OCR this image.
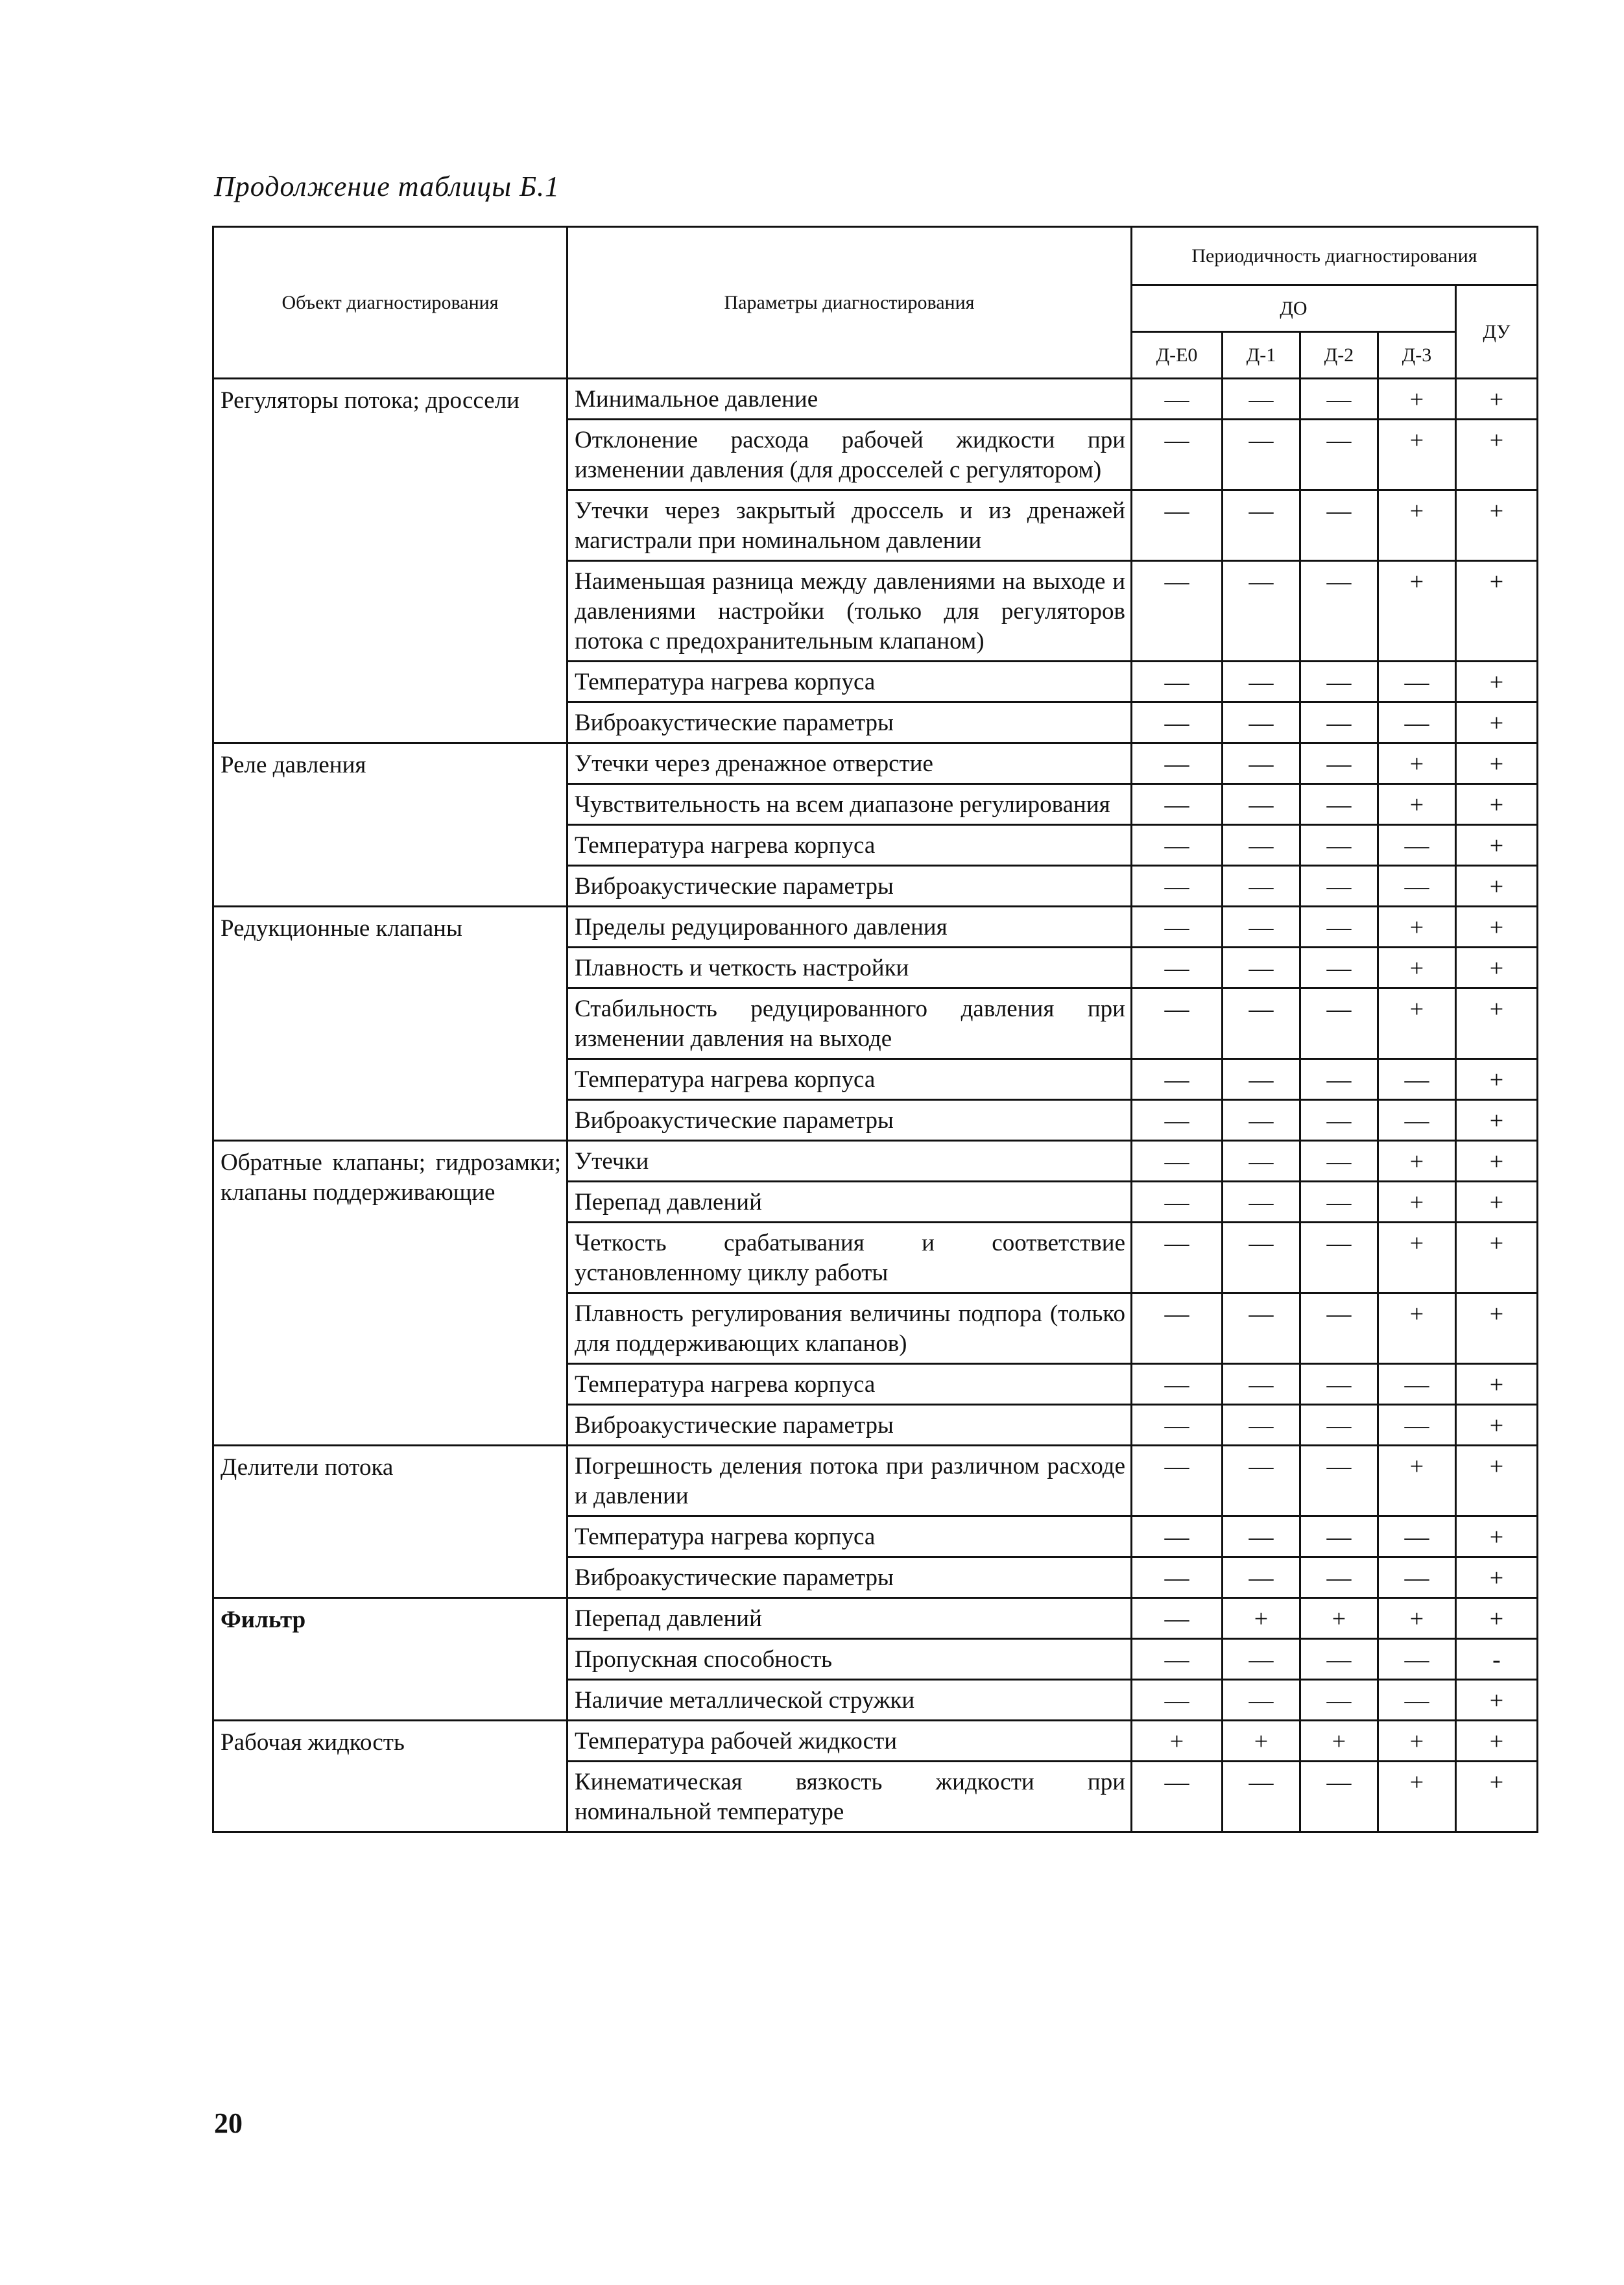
Продолжение таблицы Б.1
Объект диагностирования	Параметры диагностирования	Периодичность диагностирования				
		ДО				ДУ
		Д-Е0	Д-1	Д-2	Д-3	
Регуляторы потока; дроссели	Минимальное давление	—	—	—	+	+
	Отклонение расхода рабочей жидкости при изменении давления (для дросселей с регулятором)	—	—	—	+	+
	Утечки через закрытый дроссель и из дренажей магистрали при номинальном давлении	—	—	—	+	+
	Наименьшая разница между давлениями на выходе и давлениями настройки (только для регуляторов потока с предохранительным клапаном)	—	—	—	+	+
	Температура нагрева корпуса	—	—	—	—	+
	Виброакустические параметры	—	—	—	—	+
Реле давления	Утечки через дренажное отверстие	—	—	—	+	+
	Чувствительность на всем диапазоне регулирования	—	—	—	+	+
	Температура нагрева корпуса	—	—	—	—	+
	Виброакустические параметры	—	—	—	—	+
Редукционные клапаны	Пределы редуцированного давления	—	—	—	+	+
	Плавность и четкость настройки	—	—	—	+	+
	Стабильность редуцированного давления при изменении давления на выходе	—	—	—	+	+
	Температура нагрева корпуса	—	—	—	—	+
	Виброакустические параметры	—	—	—	—	+
Обратные клапаны; гидрозамки; клапаны поддерживающие	Утечки	—	—	—	+	+
	Перепад давлений	—	—	—	+	+
	Четкость срабатывания и соответствие установленному циклу работы	—	—	—	+	+
	Плавность регулирования величины подпора (только для поддерживающих клапанов)	—	—	—	+	+
	Температура нагрева корпуса	—	—	—	—	+
	Виброакустические параметры	—	—	—	—	+
Делители потока	Погрешность деления потока при различном расходе и давлении	—	—	—	+	+
	Температура нагрева корпуса	—	—	—	—	+
	Виброакустические параметры	—	—	—	—	+
Фильтр	Перепад давлений	—	+	+	+	+
	Пропускная способность	—	—	—	—	-
	Наличие металлической стружки	—	—	—	—	+
Рабочая жидкость	Температура рабочей жидкости	+	+	+	+	+
	Кинематическая вязкость жидкости при номинальной температуре	—	—	—	+	+
20
